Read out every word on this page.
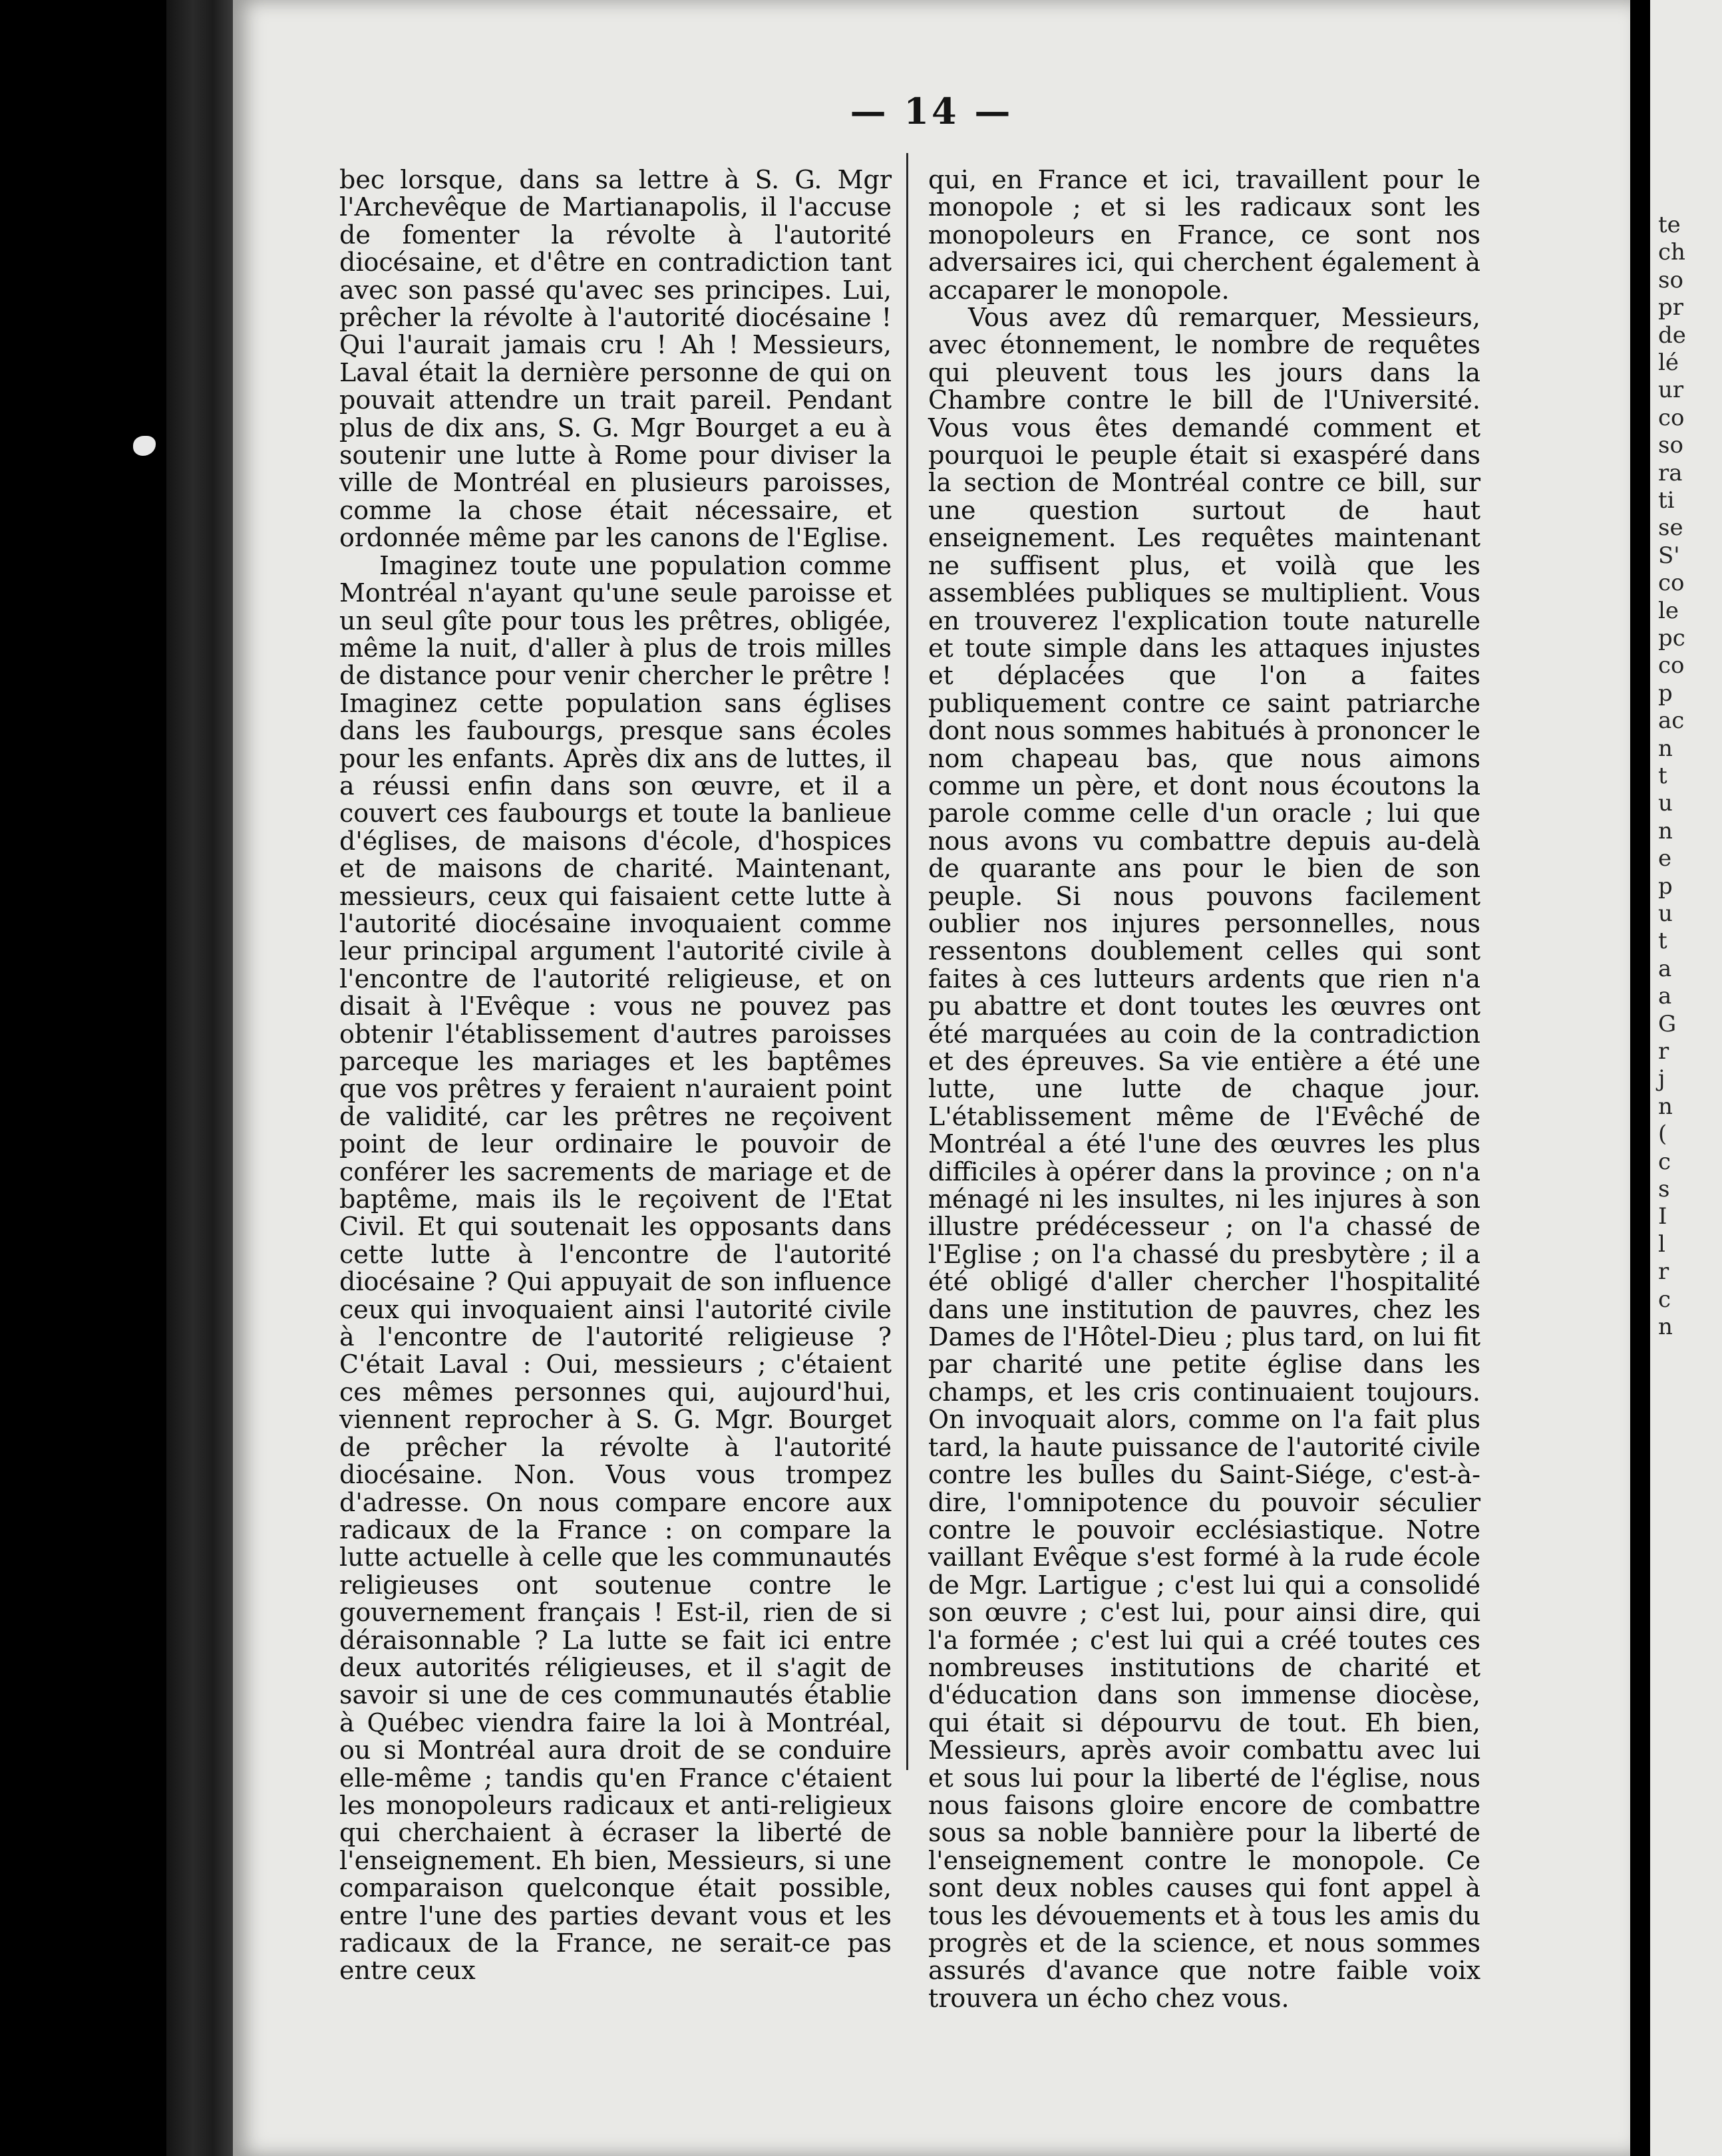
— 14 —

bec lorsque, dans sa lettre à S. G. Mgr l'Archevêque de Martianapolis, il l'accuse de fomenter la révolte à l'autorité diocésaine, et d'être en contradiction tant avec son passé qu'avec ses principes. Lui, prêcher la révolte à l'autorité diocésaine ! Qui l'aurait jamais cru ! Ah ! Messieurs, Laval était la dernière personne de qui on pouvait attendre un trait pareil. Pendant plus de dix ans, S. G. Mgr Bourget a eu à soutenir une lutte à Rome pour diviser la ville de Montréal en plusieurs paroisses, comme la chose était nécessaire, et ordonnée même par les canons de l'Eglise.

Imaginez toute une population comme Montréal n'ayant qu'une seule paroisse et un seul gîte pour tous les prêtres, obligée, même la nuit, d'aller à plus de trois milles de distance pour venir chercher le prêtre ! Imaginez cette population sans églises dans les faubourgs, presque sans écoles pour les enfants. Après dix ans de luttes, il a réussi enfin dans son œuvre, et il a couvert ces faubourgs et toute la banlieue d'églises, de maisons d'école, d'hospices et de maisons de charité. Maintenant, messieurs, ceux qui faisaient cette lutte à l'autorité diocésaine invoquaient comme leur principal argument l'autorité civile à l'encontre de l'autorité religieuse, et on disait à l'Evêque : vous ne pouvez pas obtenir l'établissement d'autres paroisses parceque les mariages et les baptêmes que vos prêtres y feraient n'auraient point de validité, car les prêtres ne reçoivent point de leur ordinaire le pouvoir de conférer les sacrements de mariage et de baptême, mais ils le reçoivent de l'Etat Civil. Et qui soutenait les opposants dans cette lutte à l'encontre de l'autorité diocésaine ? Qui appuyait de son influence ceux qui invoquaient ainsi l'autorité civile à l'encontre de l'autorité religieuse ? C'était Laval : Oui, messieurs ; c'étaient ces mêmes personnes qui, aujourd'hui, viennent reprocher à S. G. Mgr. Bourget de prêcher la révolte à l'autorité diocésaine. Non. Vous vous trompez d'adresse. On nous compare encore aux radicaux de la France : on compare la lutte actuelle à celle que les communautés religieuses ont soutenue contre le gouvernement français ! Est-il, rien de si déraisonnable ? La lutte se fait ici entre deux autorités réligieuses, et il s'agit de savoir si une de ces communautés établie à Québec viendra faire la loi à Montréal, ou si Montréal aura droit de se conduire elle-même ; tandis qu'en France c'étaient les monopoleurs radicaux et anti-religieux qui cherchaient à écraser la liberté de l'enseignement. Eh bien, Messieurs, si une comparaison quelconque était possible, entre l'une des parties devant vous et les radicaux de la France, ne serait-ce pas entre ceux

qui, en France et ici, travaillent pour le monopole ; et si les radicaux sont les monopoleurs en France, ce sont nos adversaires ici, qui cherchent également à accaparer le monopole.

Vous avez dû remarquer, Messieurs, avec étonnement, le nombre de requêtes qui pleuvent tous les jours dans la Chambre contre le bill de l'Université. Vous vous êtes demandé comment et pourquoi le peuple était si exaspéré dans la section de Montréal contre ce bill, sur une question surtout de haut enseignement. Les requêtes maintenant ne suffisent plus, et voilà que les assemblées publiques se multiplient. Vous en trouverez l'explication toute naturelle et toute simple dans les attaques injustes et déplacées que l'on a faites publiquement contre ce saint patriarche dont nous sommes habitués à prononcer le nom chapeau bas, que nous aimons comme un père, et dont nous écoutons la parole comme celle d'un oracle ; lui que nous avons vu combattre depuis au-delà de quarante ans pour le bien de son peuple. Si nous pouvons facilement oublier nos injures personnelles, nous ressentons doublement celles qui sont faites à ces lutteurs ardents que rien n'a pu abattre et dont toutes les œuvres ont été marquées au coin de la contradiction et des épreuves. Sa vie entière a été une lutte, une lutte de chaque jour. L'établissement même de l'Evêché de Montréal a été l'une des œuvres les plus difficiles à opérer dans la province ; on n'a ménagé ni les insultes, ni les injures à son illustre prédécesseur ; on l'a chassé de l'Eglise ; on l'a chassé du presbytère ; il a été obligé d'aller chercher l'hospitalité dans une institution de pauvres, chez les Dames de l'Hôtel-Dieu ; plus tard, on lui fit par charité une petite église dans les champs, et les cris continuaient toujours. On invoquait alors, comme on l'a fait plus tard, la haute puissance de l'autorité civile contre les bulles du Saint-Siége, c'est-à-dire, l'omnipotence du pouvoir séculier contre le pouvoir ecclésiastique. Notre vaillant Evêque s'est formé à la rude école de Mgr. Lartigue ; c'est lui qui a consolidé son œuvre ; c'est lui, pour ainsi dire, qui l'a formée ; c'est lui qui a créé toutes ces nombreuses institutions de charité et d'éducation dans son immense diocèse, qui était si dépourvu de tout. Eh bien, Messieurs, après avoir combattu avec lui et sous lui pour la liberté de l'église, nous nous faisons gloire encore de combattre sous sa noble bannière pour la liberté de l'enseignement contre le monopole. Ce sont deux nobles causes qui font appel à tous les dévouements et à tous les amis du progrès et de la science, et nous sommes assurés d'avance que notre faible voix trouvera un écho chez vous.

te
ch
so
pr
de
lé
ur
co
so
ra
ti
se
S'
co
le
pc
co
p
ac
n
t
u
n
e
p
u
t
a
a
G
r
j
n
(
c
s
I
l
r
c
n
